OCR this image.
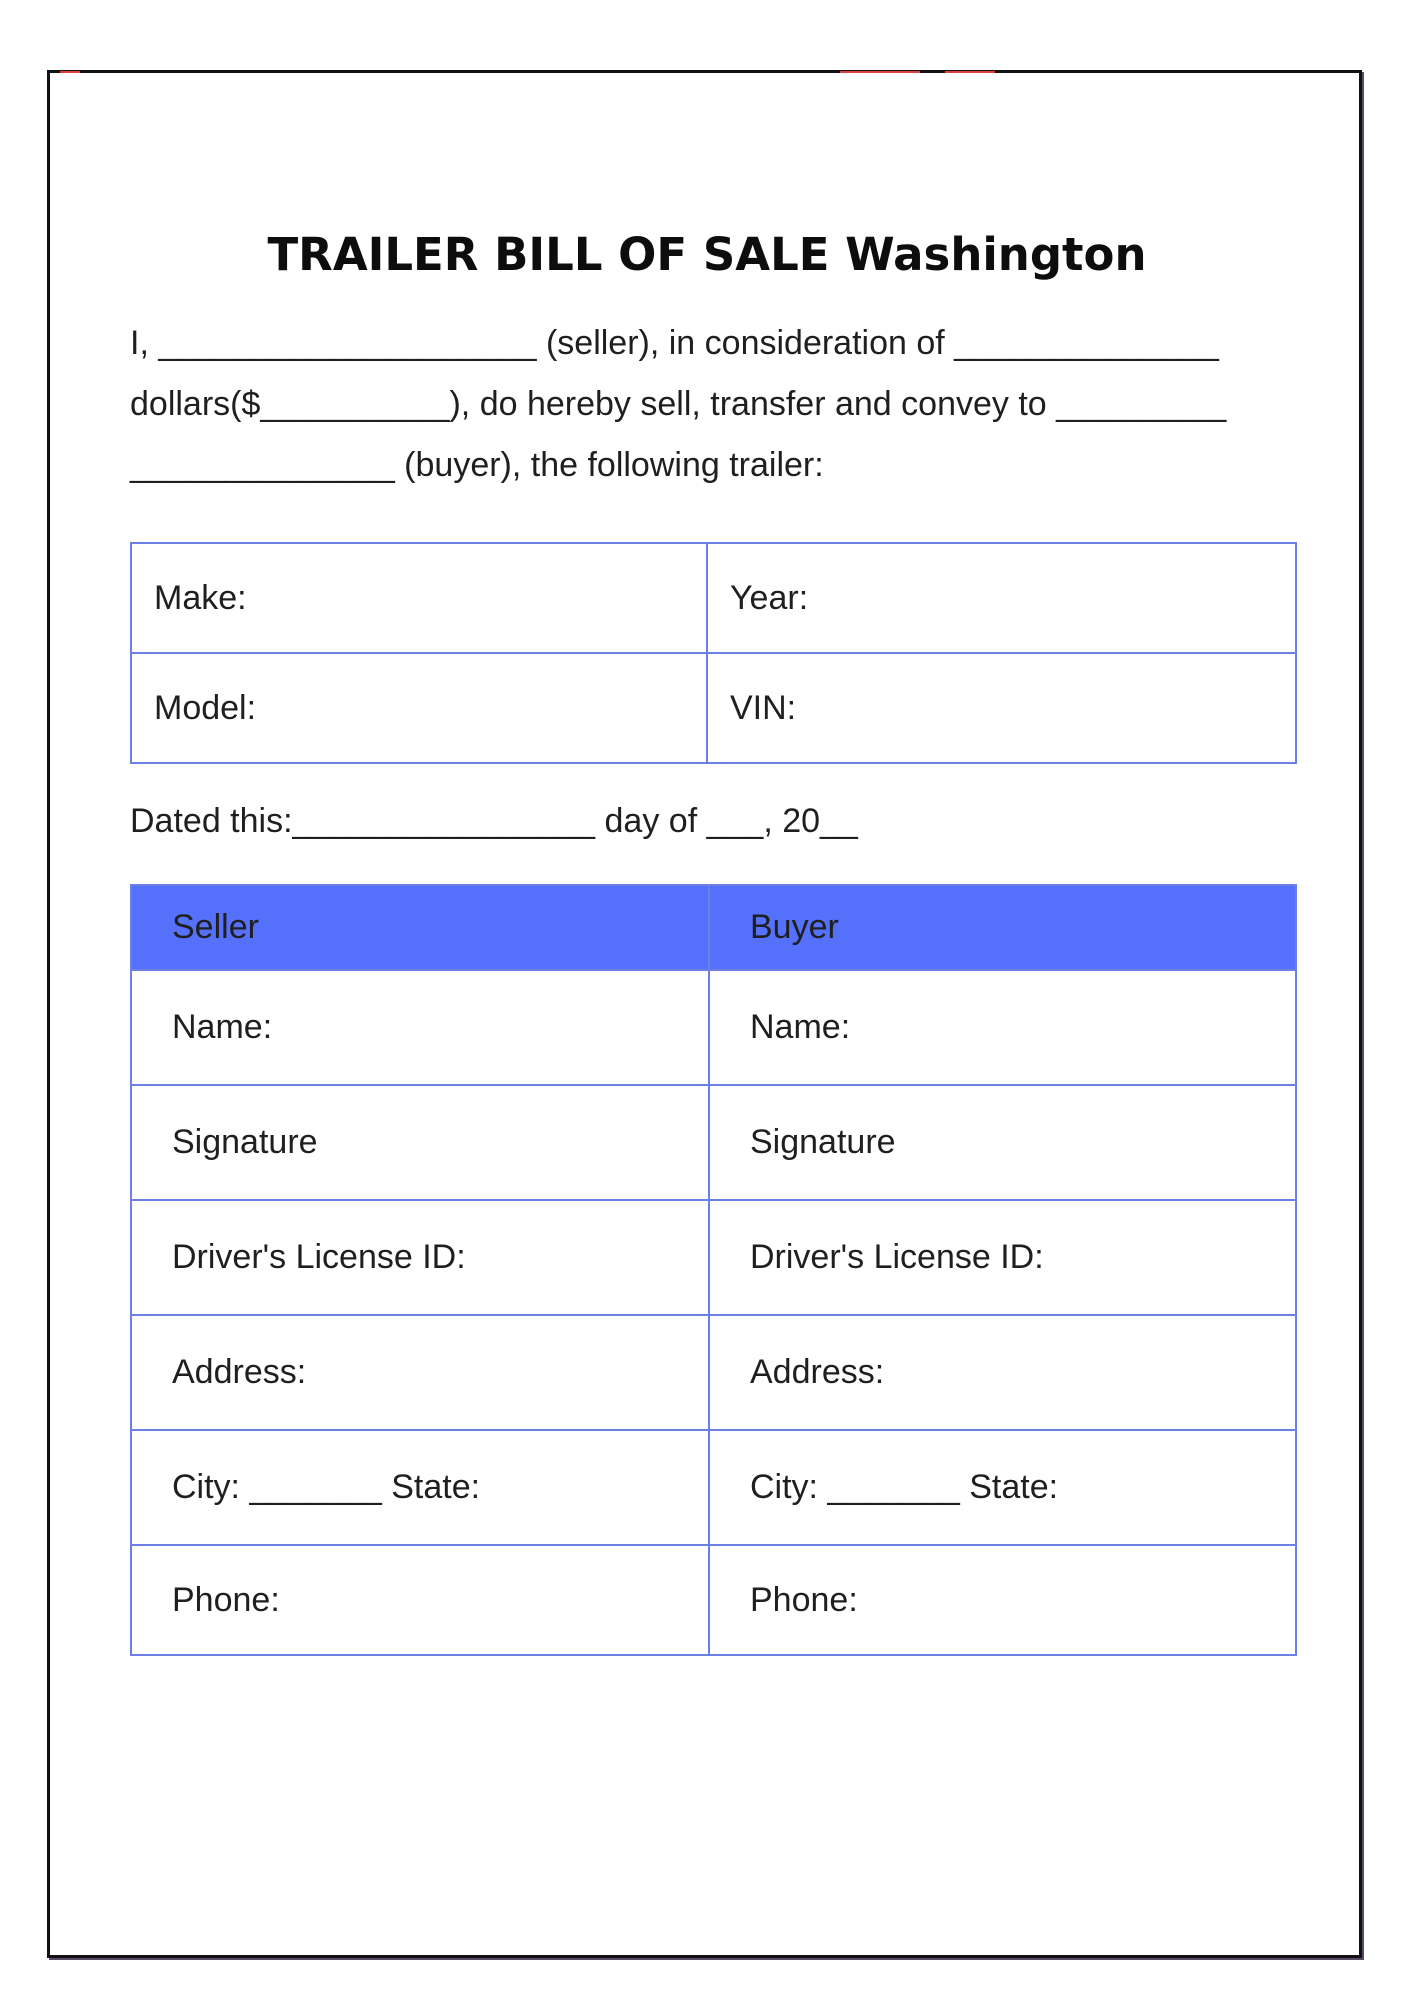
TRAILER BILL OF SALE Washington

I, ____________________ (seller), in consideration of ______________
dollars($__________), do hereby sell, transfer and convey to _________
______________ (buyer), the following trailer:

Make:	Year:
Model:	VIN:

Dated this:________________ day of ___, 20__

Seller	Buyer
Name:	Name:
Signature	Signature
Driver's License ID:	Driver's License ID:
Address:	Address:
City: _______ State:	City: _______ State:
Phone:	Phone:
